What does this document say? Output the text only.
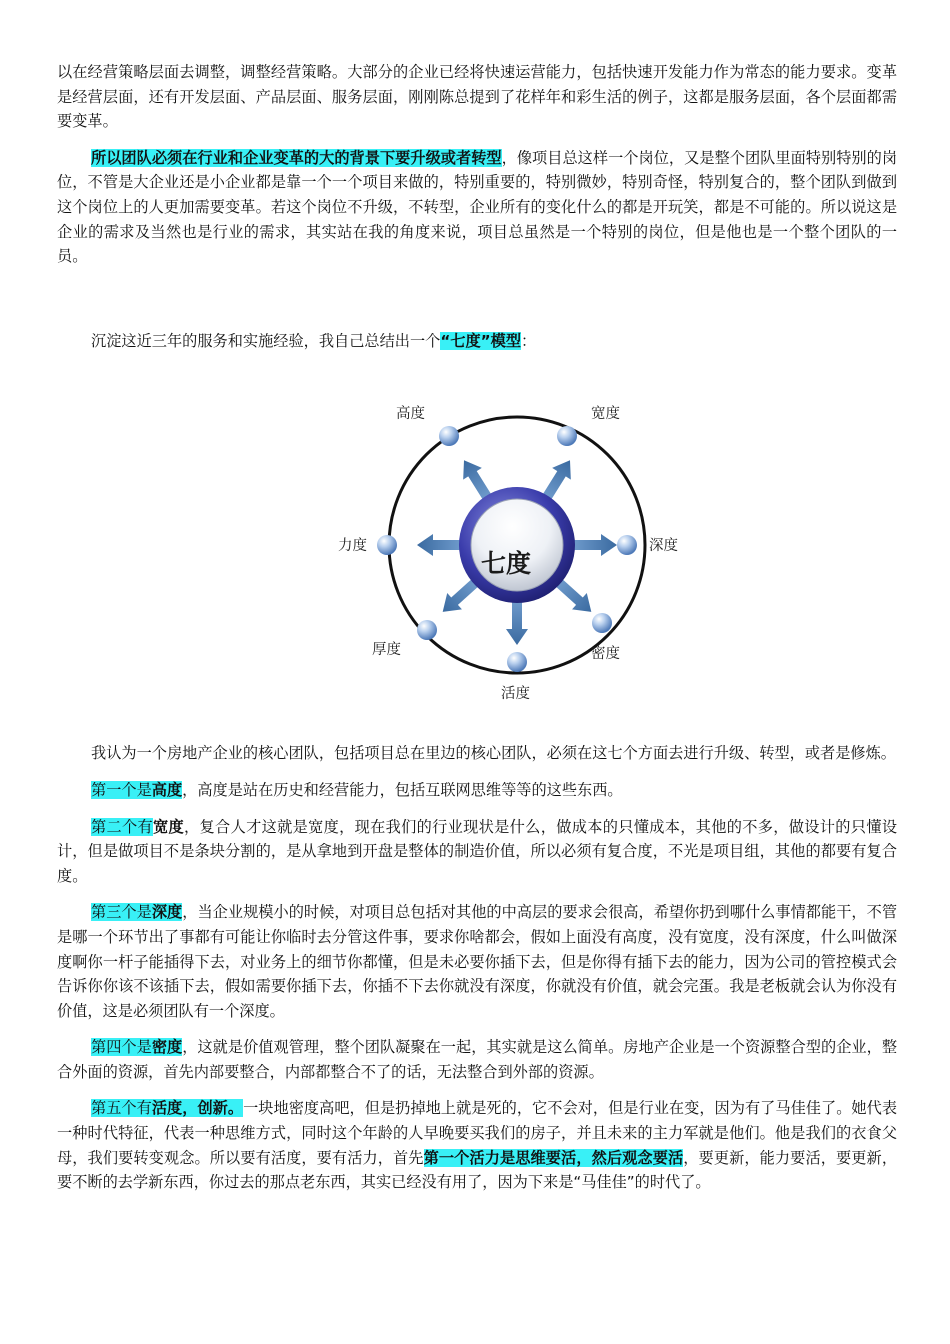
以在经营策略层面去调整，调整经营策略。大部分的企业已经将快速运营能力，包括快速开发能力作为常态的能力要求。变革是经营层面，还有开发层面、产品层面、服务层面，刚刚陈总提到了花样年和彩生活的例子，这都是服务层面，各个层面都需要变革。

所以团队必须在行业和企业变革的大的背景下要升级或者转型，像项目总这样一个岗位，又是整个团队里面特别特别的岗位，不管是大企业还是小企业都是靠一个一个项目来做的，特别重要的，特别微妙，特别奇怪，特别复合的，整个团队到做到这个岗位上的人更加需要变革。若这个岗位不升级，不转型，企业所有的变化什么的都是开玩笑，都是不可能的。所以说这是企业的需求及当然也是行业的需求，其实站在我的角度来说，项目总虽然是一个特别的岗位，但是他也是一个整个团队的一员。

沉淀这近三年的服务和实施经验，我自己总结出一个“七度”模型：

七度
高度	宽度
深度
密度
活度
厚度
力度

我认为一个房地产企业的核心团队，包括项目总在里边的核心团队，必须在这七个方面去进行升级、转型，或者是修炼。

第一个是高度，高度是站在历史和经营能力，包括互联网思维等等的这些东西。

第二个有宽度，复合人才这就是宽度，现在我们的行业现状是什么，做成本的只懂成本，其他的不多，做设计的只懂设计，但是做项目不是条块分割的，是从拿地到开盘是整体的制造价值，所以必须有复合度，不光是项目组，其他的都要有复合度。

第三个是深度，当企业规模小的时候，对项目总包括对其他的中高层的要求会很高，希望你扔到哪什么事情都能干，不管是哪一个环节出了事都有可能让你临时去分管这件事，要求你啥都会，假如上面没有高度，没有宽度，没有深度，什么叫做深度啊你一杆子能插得下去，对业务上的细节你都懂，但是未必要你插下去，但是你得有插下去的能力，因为公司的管控模式会告诉你你该不该插下去，假如需要你插下去，你插不下去你就没有深度，你就没有价值，就会完蛋。我是老板就会认为你没有价值，这是必须团队有一个深度。

第四个是密度，这就是价值观管理，整个团队凝聚在一起，其实就是这么简单。房地产企业是一个资源整合型的企业，整合外面的资源，首先内部要整合，内部都整合不了的话，无法整合到外部的资源。

第五个有活度，创新。一块地密度高吧，但是扔掉地上就是死的，它不会对，但是行业在变，因为有了马佳佳了。她代表一种时代特征，代表一种思维方式，同时这个年龄的人早晚要买我们的房子，并且未来的主力军就是他们。他是我们的衣食父母，我们要转变观念。所以要有活度，要有活力，首先第一个活力是思维要活，然后观念要活，要更新，能力要活，要更新，要不断的去学新东西，你过去的那点老东西，其实已经没有用了，因为下来是“马佳佳”的时代了。
